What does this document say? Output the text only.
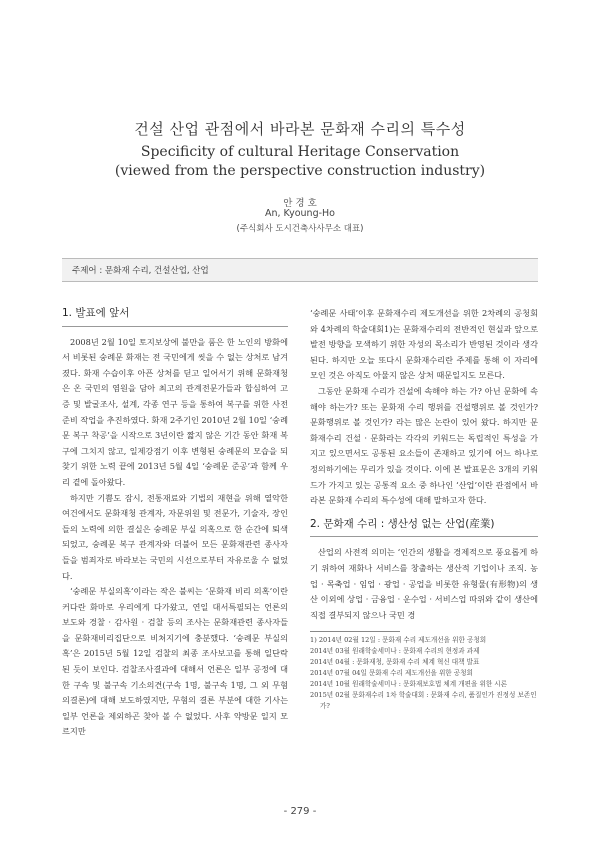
건설 산업 관점에서 바라본 문화재 수리의 특수성
Specificity of cultural Heritage Conservation
(viewed from the perspective construction industry)
안 경 호
An, Kyoung-Ho
(주식회사 도시건축사사무소 대표)
주제어 : 문화재 수리, 건설산업, 산업
1. 발표에 앞서

2008년 2월 10일 토지보상에 불만을 품은 한 노인의 방화에서 비롯된 숭례문 화재는 전 국민에게 씻을 수 없는 상처로 남겨졌다. 화재 수습이후 아픈 상처를 딛고 일어서기 위해 문화재청은 온 국민의 염원을 담아 최고의 관계전문가들과 합심하여 고증 및 발굴조사, 설계, 각종 연구 등을 통하여 복구를 위한 사전준비 작업을 추진하였다. 화재 2주기인 2010년 2월 10일 ‘숭례문 복구 착공’을 시작으로 3년이란 짧지 않은 기간 동안 화재 복구에 그치지 않고, 일제강점기 이후 변형된 숭례문의 모습을 되찾기 위한 노력 끝에 2013년 5월 4일 ‘숭례문 준공’과 함께 우리 곁에 돌아왔다.

하지만 기쁨도 잠시, 전통재료와 기법의 재현을 위해 열악한 여건에서도 문화재청 관계자, 자문위원 및 전문가, 기술자, 장인들의 노력에 의한 결실은 숭례문 부실 의혹으로 한 순간에 퇴색되었고, 숭례문 복구 관계자와 더불어 모든 문화재관련 종사자들을 범죄자로 바라보는 국민의 시선으로부터 자유로울 수 없었다.

‘숭례문 부실의혹’이라는 작은 불씨는 ‘문화재 비리 의혹’이란 커다란 화마로 우리에게 다가왔고, 연일 대서특필되는 언론의 보도와 경찰 · 감사원 · 검찰 등의 조사는 문화재관련 종사자들을 문화재비리집단으로 비쳐지기에 충분했다. ‘숭례문 부실의혹’은 2015년 5월 12일 검찰의 최종 조사보고를 통해 일단락 된 듯이 보인다. 검찰조사결과에 대해서 언론은 일부 공정에 대한 구속 및 불구속 기소의견(구속 1명, 불구속 1명, 그 외 무혐의결론)에 대해 보도하였지만, 무혐의 결론 부분에 대한 기사는 일부 언론을 제외하곤 찾아 볼 수 없었다. 사후 약방문 일지 모르지만

‘숭례문 사태’이후 문화재수리 제도개선을 위한 2차례의 공청회와 4차례의 학술대회1)는 문화재수리의 전반적인 현실과 앞으로 발전 방향을 모색하기 위한 자성의 목소리가 반영된 것이라 생각된다. 하지만 오늘 또다시 문화재수리란 주제를 통해 이 자리에 모인 것은 아직도 아물지 않은 상처 때문일지도 모른다.

그동안 문화재 수리가 건설에 속해야 하는 가? 아닌 문화에 속해야 하는가? 또는 문화재 수리 행위를 건설행위로 볼 것인가? 문화행위로 볼 것인가? 라는 많은 논란이 있어 왔다. 하지만 문화재수리 건설 · 문화라는 각각의 키워드는 독립적인 특성을 가지고 있으면서도 공통된 요소들이 존재하고 있기에 어느 하나로 정의하기에는 무리가 있을 것이다. 이에 본 발표문은 3개의 키워드가 가지고 있는 공통적 요소 중 하나인 ‘산업’이란 관점에서 바라본 문화재 수리의 특수성에 대해 말하고자 한다.

2. 문화재 수리 : 생산성 없는 산업(産業)

산업의 사전적 의미는 ‘인간의 생활을 경제적으로 풍요롭게 하기 위하여 재화나 서비스를 창출하는 생산적 기업이나 조직. 농업 · 목축업 · 임업 · 광업 · 공업을 비롯한 유형물(有形物)의 생산 이외에 상업 · 금융업 · 운수업 · 서비스업 따위와 같이 생산에 직접 결부되지 않으나 국민 경

1) 2014년 02월 12일 : 문화재 수리 제도개선을 위한 공청회
2014년 03월 원래학술세미나 : 문화재 수리의 현정과 과제
2014년 04월 : 문화재청, 문화재 수리 체계 혁신 대책 발표
2014년 07월 04일 문화재 수리 제도개선을 위한 공청회
2014년 10월 원래학술세미나 : 문화재보호법 체계 개편을 위한 시론
2015년 02월 문화재수리 1차 학술대회 : 문화재 수리, 품질인가 진정성 보존인가?
- 279 -
